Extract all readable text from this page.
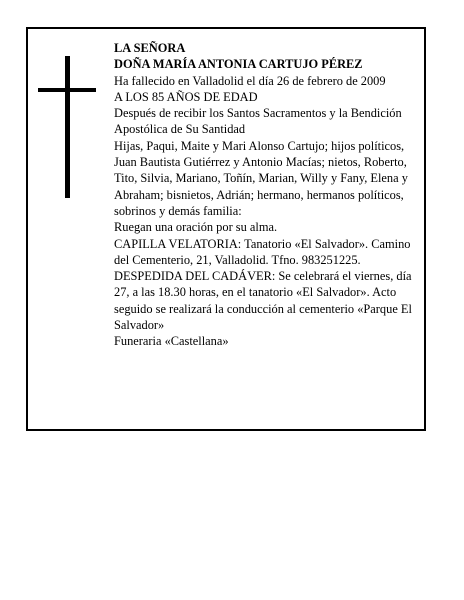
LA SEÑORA

DOÑA MARÍA ANTONIA CARTUJO PÉREZ

Ha fallecido en Valladolid el día 26 de febrero de 2009

A LOS 85 AÑOS DE EDAD

Después de recibir los Santos Sacramentos y la Bendición Apostólica de Su Santidad

Hijas, Paqui, Maite y Mari Alonso Cartujo; hijos políticos, Juan Bautista Gutiérrez y Antonio Macías; nietos, Roberto, Tito, Silvia, Mariano, Toñín, Marian, Willy y Fany, Elena y Abraham; bisnietos, Adrián; hermano, hermanos políticos, sobrinos y demás familia:

Ruegan una oración por su alma.

CAPILLA VELATORIA: Tanatorio «El Salvador». Camino del Cementerio, 21, Valladolid. Tfno. 983251225.

DESPEDIDA DEL CADÁVER: Se celebrará el viernes, día 27, a las 18.30 horas, en el tanatorio «El Salvador». Acto seguido se realizará la conducción al cementerio «Parque El Salvador»

Funeraria «Castellana»
